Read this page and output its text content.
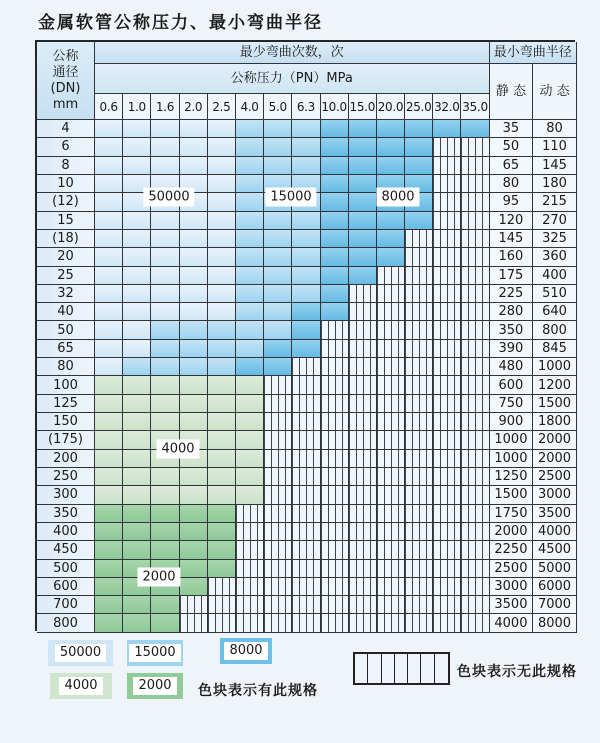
金属软管公称压力、最小弯曲半径
公称
通径
(DN)
mm
最少弯曲次数，次	最小弯曲半径
公称压力（PN）MPa
静 态	动 态
0.6 1.0 1.6 2.0 2.5 4.0 5.0 6.3 10.0 15.0 20.0 25.0 32.0 35.0
4	35	80
6	50	110
8	65	145
10	80	180
(12)	95	215
15	120	270
(18)	145	325
20	160	360
25	175	400
32	225	510
40	280	640
50	350	800
65	390	845
80	480	1000
100	600	1200
125	750	1500
150	900	1800
(175)	1000 2000
200	1000 2000
250	1250 2500
300	1500 3000
350	1750 3500
400	2000 4000
450	2250 4500
500	2500 5000
600	3000 6000
700	3500 7000
800	4000 8000
色块表示有此规格
色块表示无此规格
50000	15000	8000
4000	2000
50000	15000	8000
4000
2000
